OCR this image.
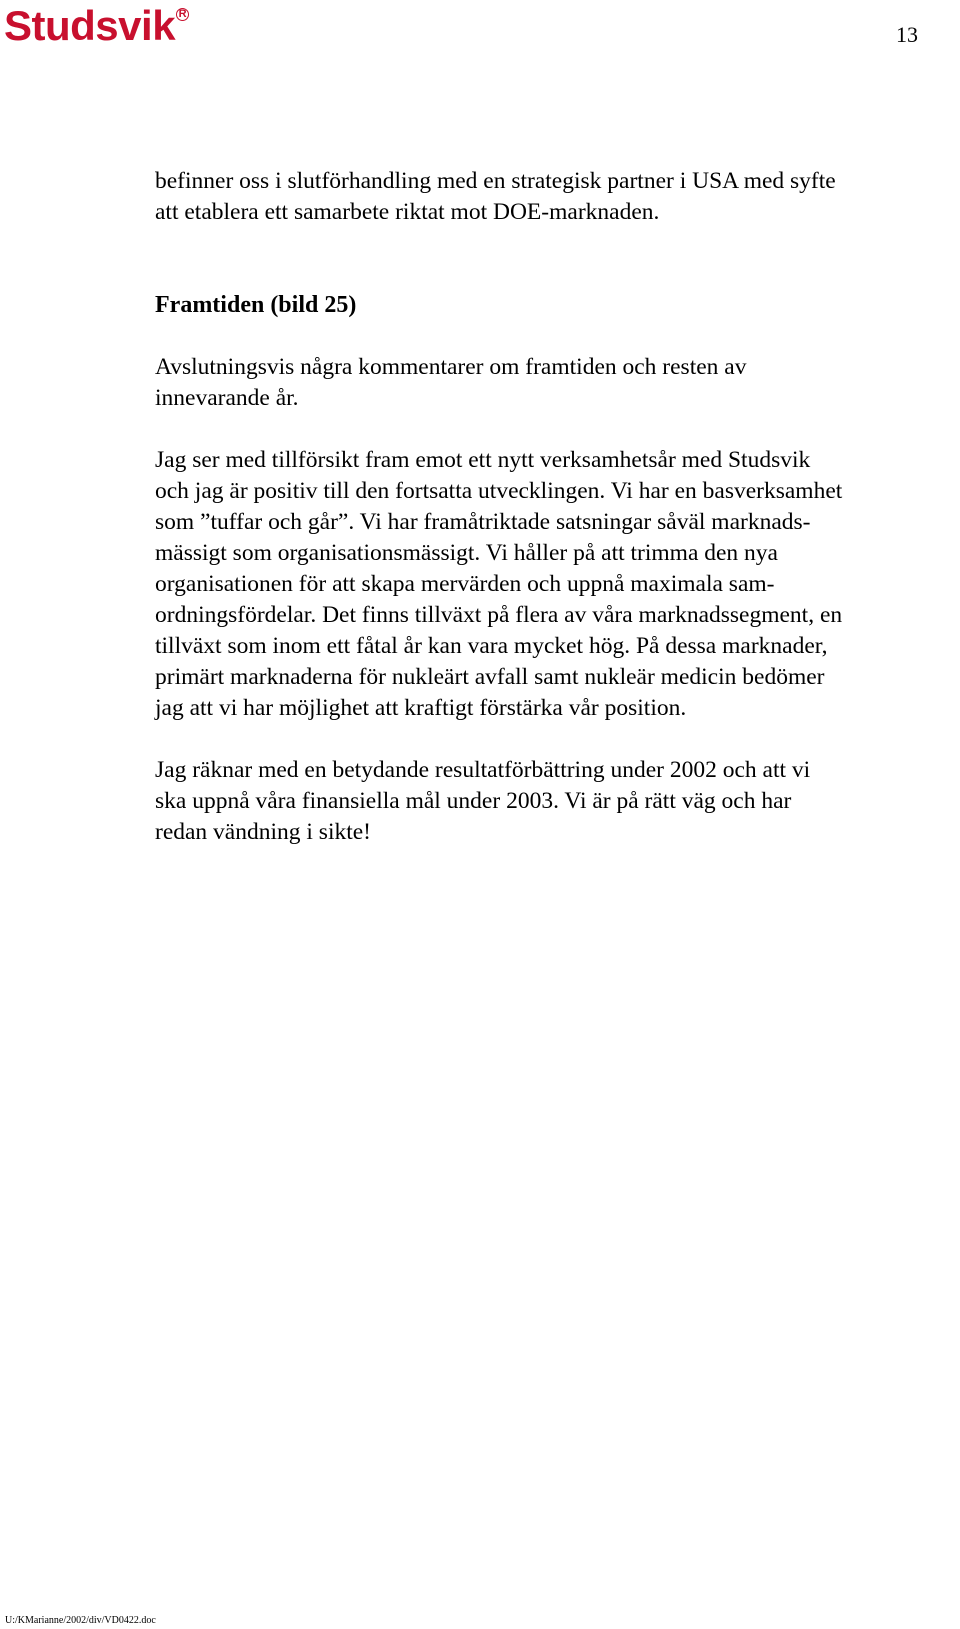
Studsvik R
13

befinner oss i slutförhandling med en strategisk partner i USA med syfte
att etablera ett samarbete riktat mot DOE-marknaden.

Framtiden (bild 25)

Avslutningsvis några kommentarer om framtiden och resten av
innevarande år.

Jag ser med tillförsikt fram emot ett nytt verksamhetsår med Studsvik
och jag är positiv till den fortsatta utvecklingen. Vi har en basverksamhet
som ”tuffar och går”. Vi har framåtriktade satsningar såväl marknads-
mässigt som organisationsmässigt. Vi håller på att trimma den nya
organisationen för att skapa mervärden och uppnå maximala sam-
ordningsfördelar. Det finns tillväxt på flera av våra marknadssegment, en
tillväxt som inom ett fåtal år kan vara mycket hög. På dessa marknader,
primärt marknaderna för nukleärt avfall samt nukleär medicin bedömer
jag att vi har möjlighet att kraftigt förstärka vår position.

Jag räknar med en betydande resultatförbättring under 2002 och att vi
ska uppnå våra finansiella mål under 2003. Vi är på rätt väg och har
redan vändning i sikte!

U:/KMarianne/2002/div/VD0422.doc
